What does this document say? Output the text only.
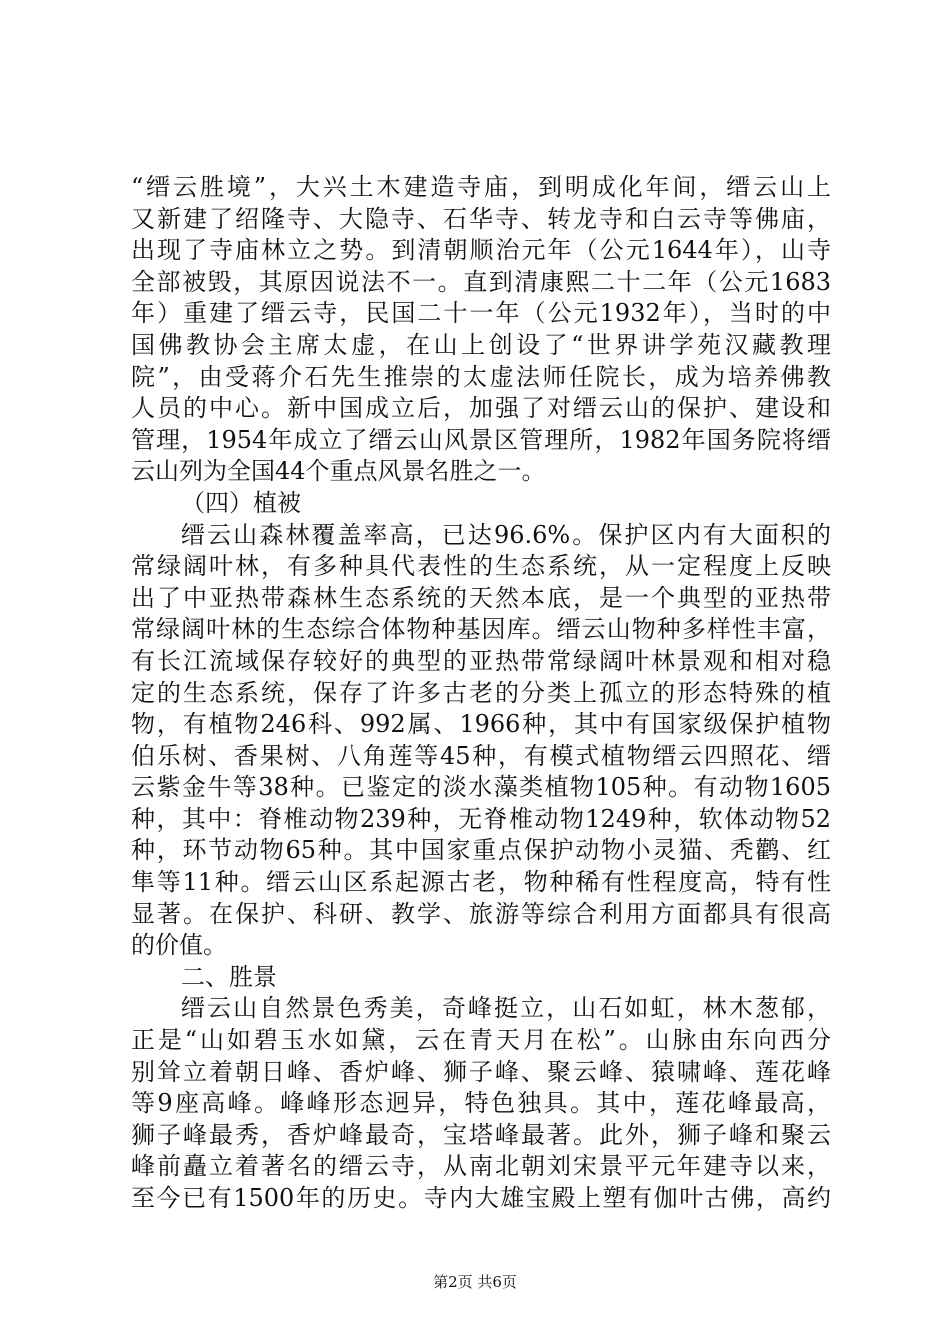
“缙云胜境”，大兴土木建造寺庙，到明成化年间，缙云山上
又新建了绍隆寺、大隐寺、石华寺、转龙寺和白云寺等佛庙，
出现了寺庙林立之势。到清朝顺治元年（公元1644年），山寺
全部被毁，其原因说法不一。直到清康熙二十二年（公元1683
年）重建了缙云寺，民国二十一年（公元1932年），当时的中
国佛教协会主席太虚，在山上创设了“世界讲学苑汉藏教理
院”，由受蒋介石先生推崇的太虚法师任院长，成为培养佛教
人员的中心。新中国成立后，加强了对缙云山的保护、建设和
管理，1954年成立了缙云山风景区管理所，1982年国务院将缙
云山列为全国44个重点风景名胜之一。
（四）植被
缙云山森林覆盖率高，已达96.6%。保护区内有大面积的
常绿阔叶林，有多种具代表性的生态系统，从一定程度上反映
出了中亚热带森林生态系统的天然本底，是一个典型的亚热带
常绿阔叶林的生态综合体物种基因库。缙云山物种多样性丰富，
有长江流域保存较好的典型的亚热带常绿阔叶林景观和相对稳
定的生态系统，保存了许多古老的分类上孤立的形态特殊的植
物，有植物246科、992属、1966种，其中有国家级保护植物
伯乐树、香果树、八角莲等45种，有模式植物缙云四照花、缙
云紫金牛等38种。已鉴定的淡水藻类植物105种。有动物1605
种，其中：脊椎动物239种，无脊椎动物1249种，软体动物52
种，环节动物65种。其中国家重点保护动物小灵猫、秃鹳、红
隼等11种。缙云山区系起源古老，物种稀有性程度高，特有性
显著。在保护、科研、教学、旅游等综合利用方面都具有很高
的价值。
二、胜景
缙云山自然景色秀美，奇峰挺立，山石如虹，林木葱郁，
正是“山如碧玉水如黛，云在青天月在松”。山脉由东向西分
别耸立着朝日峰、香炉峰、狮子峰、聚云峰、猿啸峰、莲花峰
等9座高峰。峰峰形态迥异，特色独具。其中，莲花峰最高，
狮子峰最秀，香炉峰最奇，宝塔峰最著。此外，狮子峰和聚云
峰前矗立着著名的缙云寺，从南北朝刘宋景平元年建寺以来，
至今已有1500年的历史。寺内大雄宝殿上塑有伽叶古佛，高约
第2页 共6页
